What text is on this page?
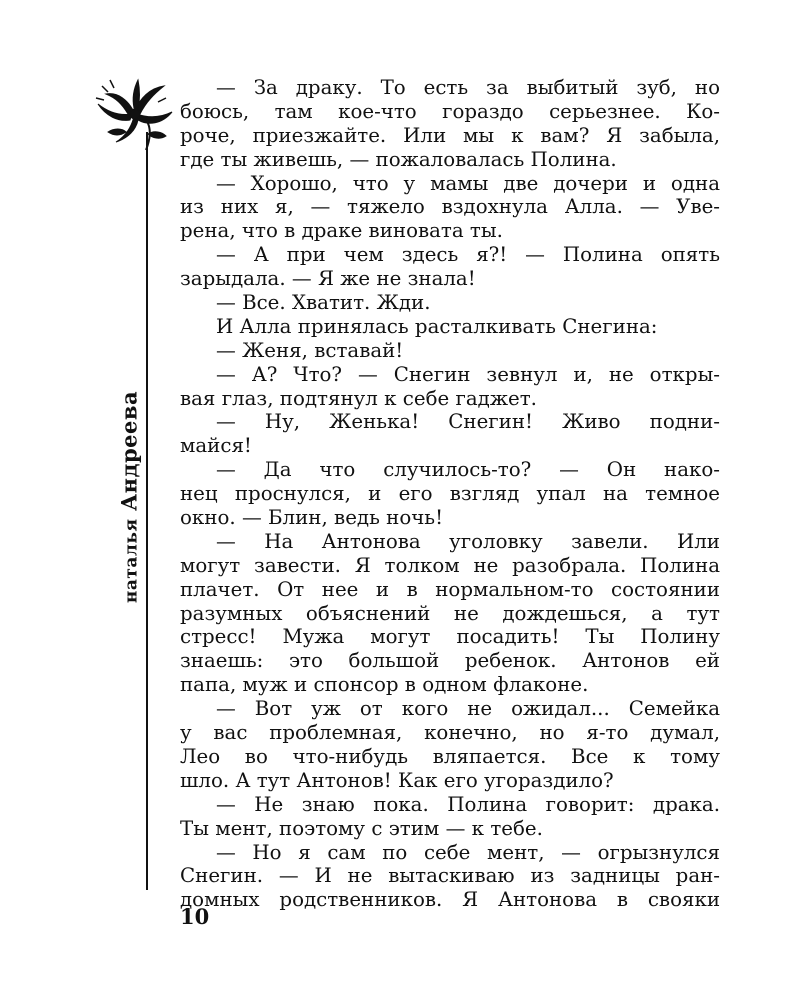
наталья Андреева
— За драку. То есть за выбитый зуб, но
боюсь, там кое-что гораздо серьезнее. Ко-
роче, приезжайте. Или мы к вам? Я забыла,
где ты живешь, — пожаловалась Полина.
— Хорошо, что у мамы две дочери и одна
из них я, — тяжело вздохнула Алла. — Уве-
рена, что в драке виновата ты.
— А при чем здесь я?! — Полина опять
зарыдала. — Я же не знала!
— Все. Хватит. Жди.
И Алла принялась расталкивать Снегина:
— Женя, вставай!
— А? Что? — Снегин зевнул и, не откры-
вая глаз, подтянул к себе гаджет.
— Ну, Женька! Снегин! Живо подни-
майся!
— Да что случилось-то? — Он нако-
нец проснулся, и его взгляд упал на темное
окно. — Блин, ведь ночь!
— На Антонова уголовку завели. Или
могут завести. Я толком не разобрала. Полина
плачет. От нее и в нормальном-то состоянии
разумных объяснений не дождешься, а тут
стресс! Мужа могут посадить! Ты Полину
знаешь: это большой ребенок. Антонов ей
папа, муж и спонсор в одном флаконе.
— Вот уж от кого не ожидал... Семейка
у вас проблемная, конечно, но я-то думал,
Лео во что-нибудь вляпается. Все к тому
шло. А тут Антонов! Как его угораздило?
— Не знаю пока. Полина говорит: драка.
Ты мент, поэтому с этим — к тебе.
— Но я сам по себе мент, — огрызнулся
Снегин. — И не вытаскиваю из задницы ран-
домных родственников. Я Антонова в свояки
10
